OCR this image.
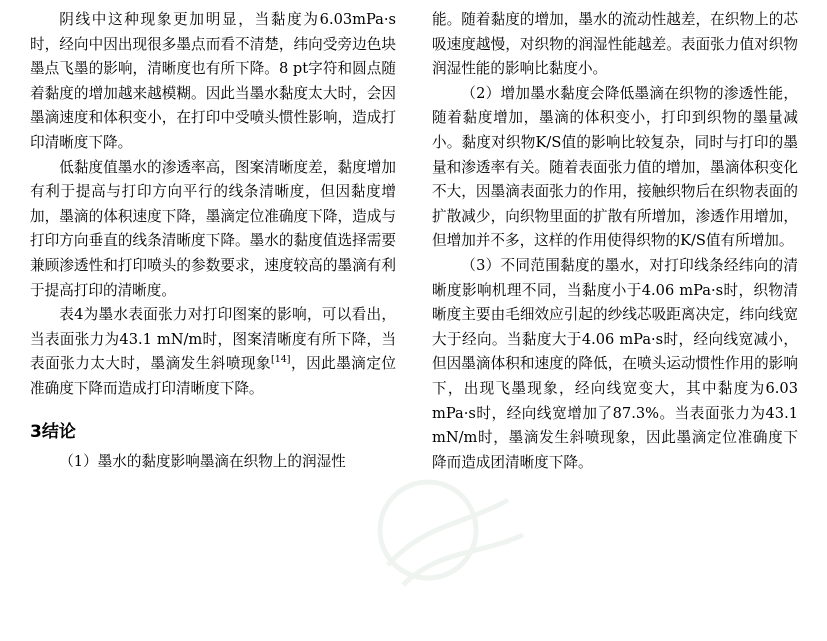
阴线中这种现象更加明显，当黏度为6.03mPa·s时，经向中因出现很多墨点而看不清楚，纬向受旁边色块墨点飞墨的影响，清晰度也有所下降。8 pt字符和圆点随着黏度的增加越来越模糊。因此当墨水黏度太大时，会因墨滴速度和体积变小，在打印中受喷头惯性影响，造成打印清晰度下降。

低黏度值墨水的渗透率高，图案清晰度差，黏度增加有利于提高与打印方向平行的线条清晰度，但因黏度增加，墨滴的体积速度下降，墨滴定位准确度下降，造成与打印方向垂直的线条清晰度下降。墨水的黏度值选择需要兼顾渗透性和打印喷头的参数要求，速度较高的墨滴有利于提高打印的清晰度。

表4为墨水表面张力对打印图案的影响，可以看出，当表面张力为43.1 mN/m时，图案清晰度有所下降，当表面张力太大时，墨滴发生斜喷现象[14]，因此墨滴定位准确度下降而造成打印清晰度下降。

3结论

（1）墨水的黏度影响墨滴在织物上的润湿性

能。随着黏度的增加，墨水的流动性越差，在织物上的芯吸速度越慢，对织物的润湿性能越差。表面张力值对织物润湿性能的影响比黏度小。

（2）增加墨水黏度会降低墨滴在织物的渗透性能，随着黏度增加，墨滴的体积变小，打印到织物的墨量减小。黏度对织物K/S值的影响比较复杂，同时与打印的墨量和渗透率有关。随着表面张力值的增加，墨滴体积变化不大，因墨滴表面张力的作用，接触织物后在织物表面的扩散减少，向织物里面的扩散有所增加，渗透作用增加，但增加并不多，这样的作用使得织物的K/S值有所增加。

（3）不同范围黏度的墨水，对打印线条经纬向的清晰度影响机理不同，当黏度小于4.06 mPa·s时，织物清晰度主要由毛细效应引起的纱线芯吸距离决定，纬向线宽大于经向。当黏度大于4.06 mPa·s时，经向线宽减小，但因墨滴体积和速度的降低，在喷头运动惯性作用的影响下，出现飞墨现象，经向线宽变大，其中黏度为6.03 mPa·s时，经向线宽增加了87.3%。当表面张力为43.1 mN/m时，墨滴发生斜喷现象，因此墨滴定位准确度下降而造成团清晰度下降。
